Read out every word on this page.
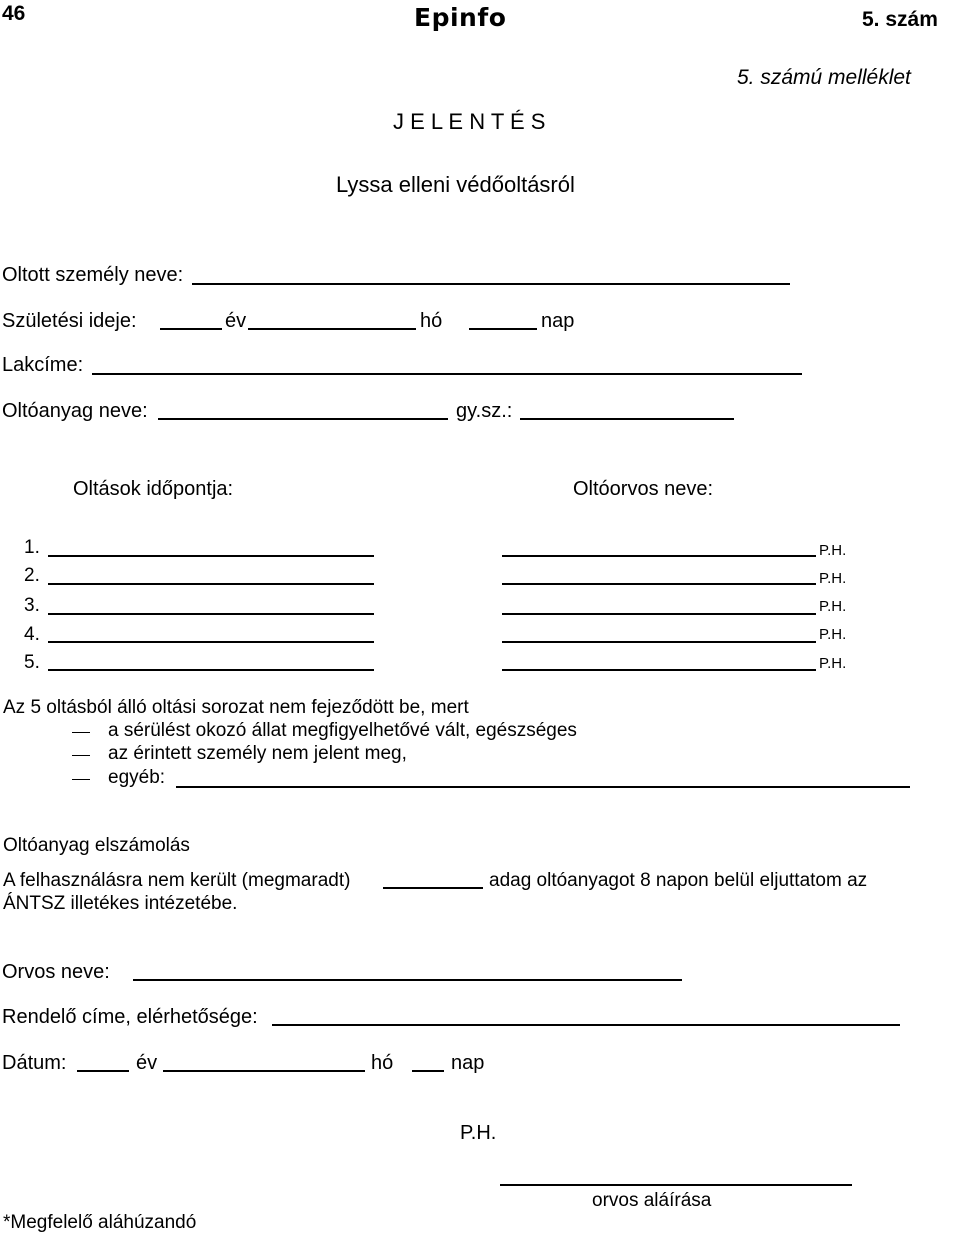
46	Epinfo	5. szám
5. számú melléklet
J E L E N T É S
Lyssa elleni védőoltásról
Oltott személy neve:
Születési ideje:	év	hó	nap
Lakcíme:
Oltóanyag neve:	gy.sz.:
Oltások időpontja:	Oltóorvos neve:
1.	P.H.
2.	P.H.
3.	P.H.
4.	P.H.
5.	P.H.
Az 5 oltásból álló oltási sorozat nem fejeződött be, mert
a sérülést okozó állat megfigyelhetővé vált, egészséges
az érintett személy nem jelent meg,
egyéb:
Oltóanyag elszámolás
A felhasználásra nem került (megmaradt)	adag oltóanyagot 8 napon belül eljuttatom az
ÁNTSZ illetékes intézetébe.
Orvos neve:
Rendelő címe, elérhetősége:
Dátum:	év	hó	nap
P.H.
orvos aláírása
*Megfelelő aláhúzandó
